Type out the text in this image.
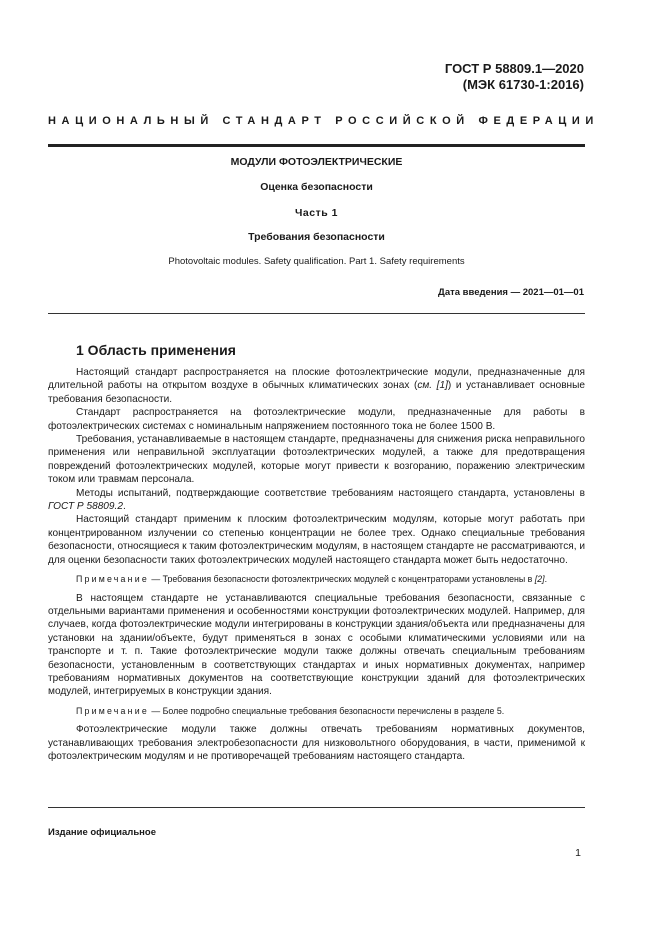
ГОСТ Р 58809.1—2020
(МЭК 61730-1:2016)
НАЦИОНАЛЬНЫЙ СТАНДАРТ РОССИЙСКОЙ ФЕДЕРАЦИИ
МОДУЛИ ФОТОЭЛЕКТРИЧЕСКИЕ
Оценка безопасности
Часть 1
Требования безопасности
Photovoltaic modules. Safety qualification. Part 1. Safety requirements
Дата введения — 2021—01—01
1 Область применения

Настоящий стандарт распространяется на плоские фотоэлектрические модули, предназначенные для длительной работы на открытом воздухе в обычных климатических зонах (см. [1]) и устанавливает основные требования безопасности.

Стандарт распространяется на фотоэлектрические модули, предназначенные для работы в фотоэлектрических системах с номинальным напряжением постоянного тока не более 1500 В.

Требования, устанавливаемые в настоящем стандарте, предназначены для снижения риска неправильного применения или неправильной эксплуатации фотоэлектрических модулей, а также для предотвращения повреждений фотоэлектрических модулей, которые могут привести к возгоранию, поражению электрическим током или травмам персонала.

Методы испытаний, подтверждающие соответствие требованиям настоящего стандарта, установлены в ГОСТ Р 58809.2.

Настоящий стандарт применим к плоским фотоэлектрическим модулям, которые могут работать при концентрированном излучении со степенью концентрации не более трех. Однако специальные требования безопасности, относящиеся к таким фотоэлектрическим модулям, в настоящем стандарте не рассматриваются, и для оценки безопасности таких фотоэлектрических модулей настоящего стандарта может быть недостаточно.

Примечание — Требования безопасности фотоэлектрических модулей с концентраторами установлены в [2].

В настоящем стандарте не устанавливаются специальные требования безопасности, связанные с отдельными вариантами применения и особенностями конструкции фотоэлектрических модулей. Например, для случаев, когда фотоэлектрические модули интегрированы в конструкции здания/объекта или предназначены для установки на здании/объекте, будут применяться в зонах с особыми климатическими условиями или на транспорте и т. п. Такие фотоэлектрические модули также должны отвечать специальным требованиям безопасности, установленным в соответствующих стандартах и иных нормативных документах, например требованиям нормативных документов на соответствующие конструкции зданий для фотоэлектрических модулей, интегрируемых в конструкции здания.

Примечание — Более подробно специальные требования безопасности перечислены в разделе 5.

Фотоэлектрические модули также должны отвечать требованиям нормативных документов, устанавливающих требования электробезопасности для низковольтного оборудования, в части, применимой к фотоэлектрическим модулям и не противоречащей требованиям настоящего стандарта.

Издание официальное
1
